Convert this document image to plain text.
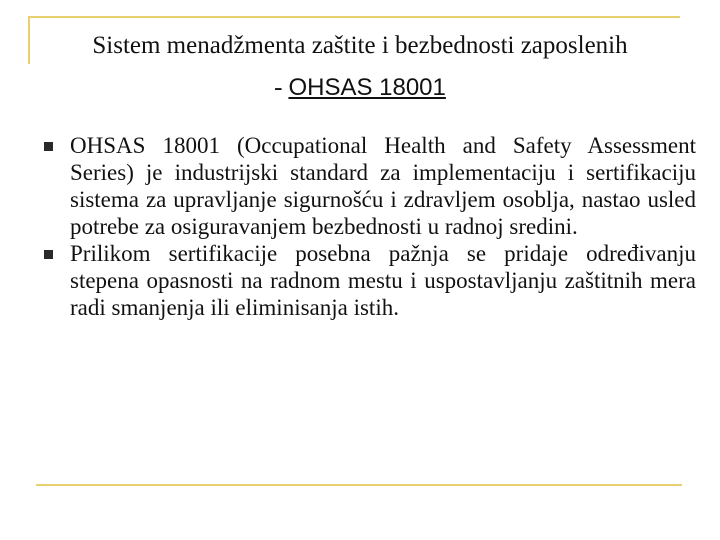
Sistem menadžmenta zaštite i bezbednosti zaposlenih
- OHSAS 18001
OHSAS 18001 (Occupational Health and Safety Assessment Series) je industrijski standard za implementaciju i sertifikaciju sistema za upravljanje sigurnošću i zdravljem osoblja, nastao usled potrebe za osiguravanjem bezbednosti u radnoj sredini.
Prilikom sertifikacije posebna pažnja se pridaje određivanju stepena opasnosti na radnom mestu i uspostavljanju zaštitnih mera radi smanjenja ili eliminisanja istih.
